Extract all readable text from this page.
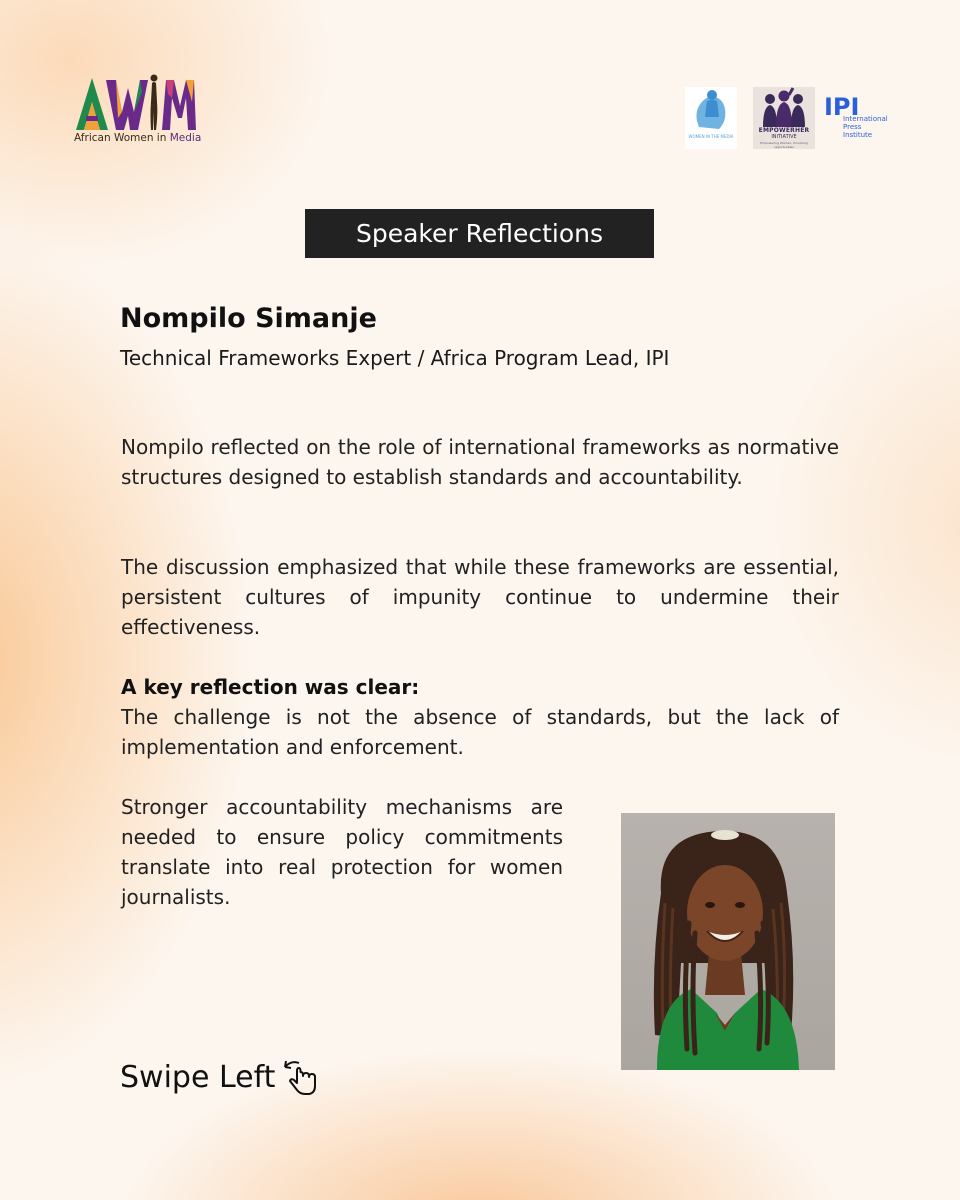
African Women in Media	WOMEN IN THE MEDIA
EMPOWERHER
INITIATIVE
Empowering Women, Unlocking opportunities
IPI
International
Press
Institute
Speaker Reflections
Nompilo Simanje
Technical Frameworks Expert / Africa Program Lead, IPI

Nompilo reflected on the role of international frameworks as normative structures designed to establish standards and accountability.

The discussion emphasized that while these frameworks are essential, persistent cultures of impunity continue to undermine their effectiveness.

A key reflection was clear:

The challenge is not the absence of standards, but the lack of implementation and enforcement.

Stronger accountability mechanisms are needed to ensure policy commitments translate into real protection for women journalists.

Swipe Left
